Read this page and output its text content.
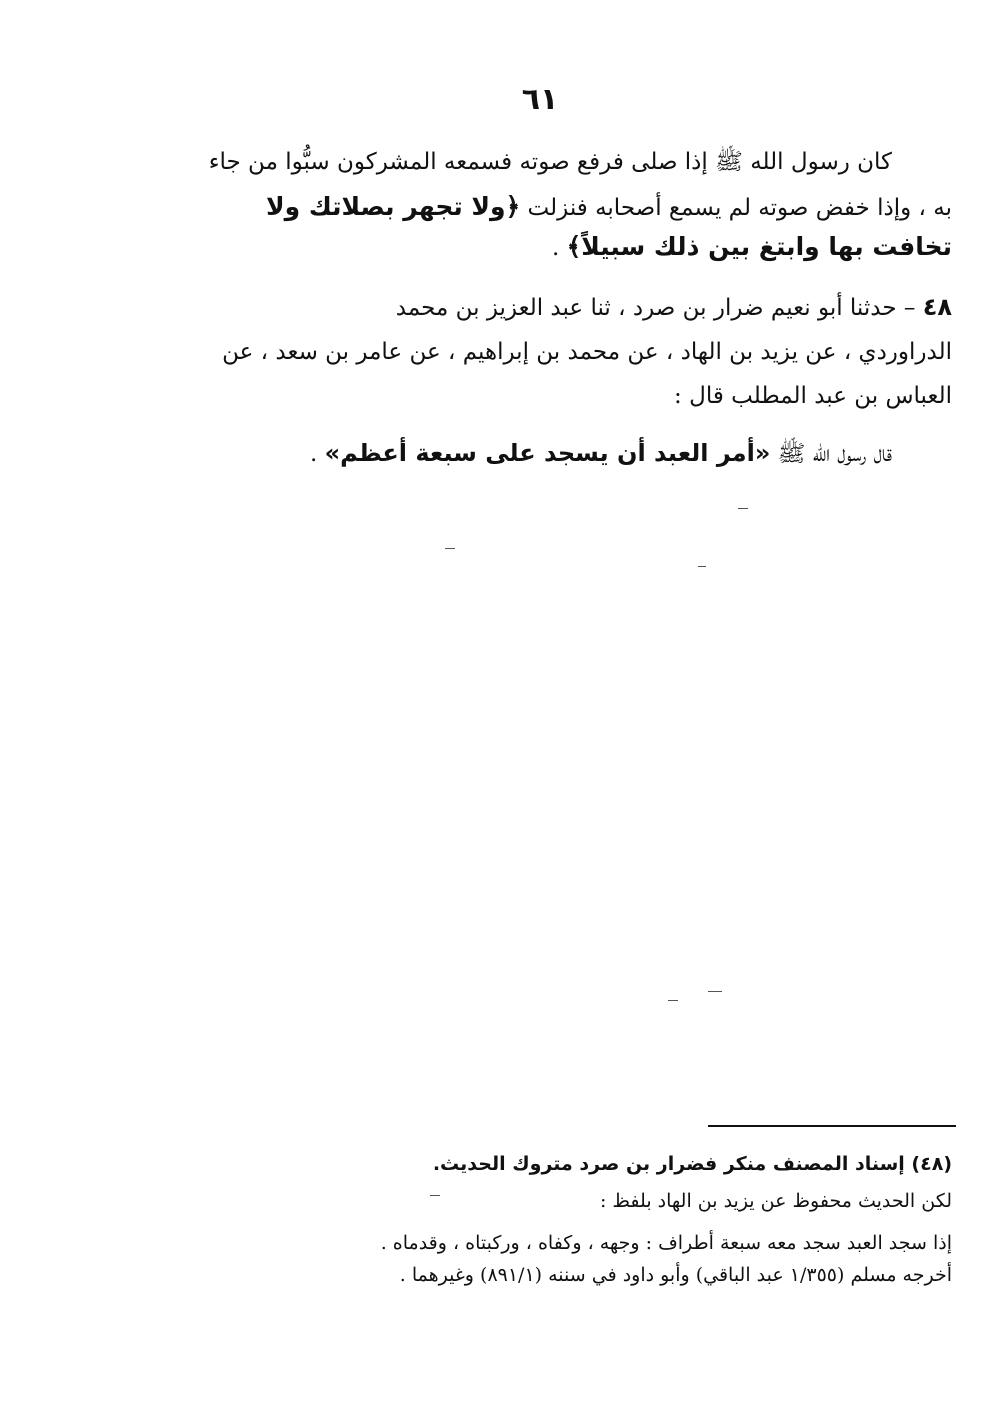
٦١
كان رسول الله ﷺ إذا صلى فرفع صوته فسمعه المشركون سبُّوا من جاء
به ، وإذا خفض صوته لم يسمع أصحابه فنزلت ﴿ولا تجهر بصلاتك ولا
تخافت بها وابتغ بين ذلك سبيلاً﴾ .
٤٨ – حدثنا أبو نعيم ضرار بن صرد ، ثنا عبد العزيز بن محمد
الدراوردي ، عن يزيد بن الهاد ، عن محمد بن إبراهيم ، عن عامر بن سعد ، عن
العباس بن عبد المطلب قال :
قال رسول الله ﷺ «أمر العبد أن يسجد على سبعة أعظم» .
(٤٨) إسناد المصنف منكر فضرار بن صرد متروك الحديث.
لكن الحديث محفوظ عن يزيد بن الهاد بلفظ :
إذا سجد العبد سجد معه سبعة أطراف : وجهه ، وكفاه ، وركبتاه ، وقدماه .
أخرجه مسلم (١/٣٥٥ عبد الباقي) وأبو داود في سننه (٨٩١/١) وغيرهما .
